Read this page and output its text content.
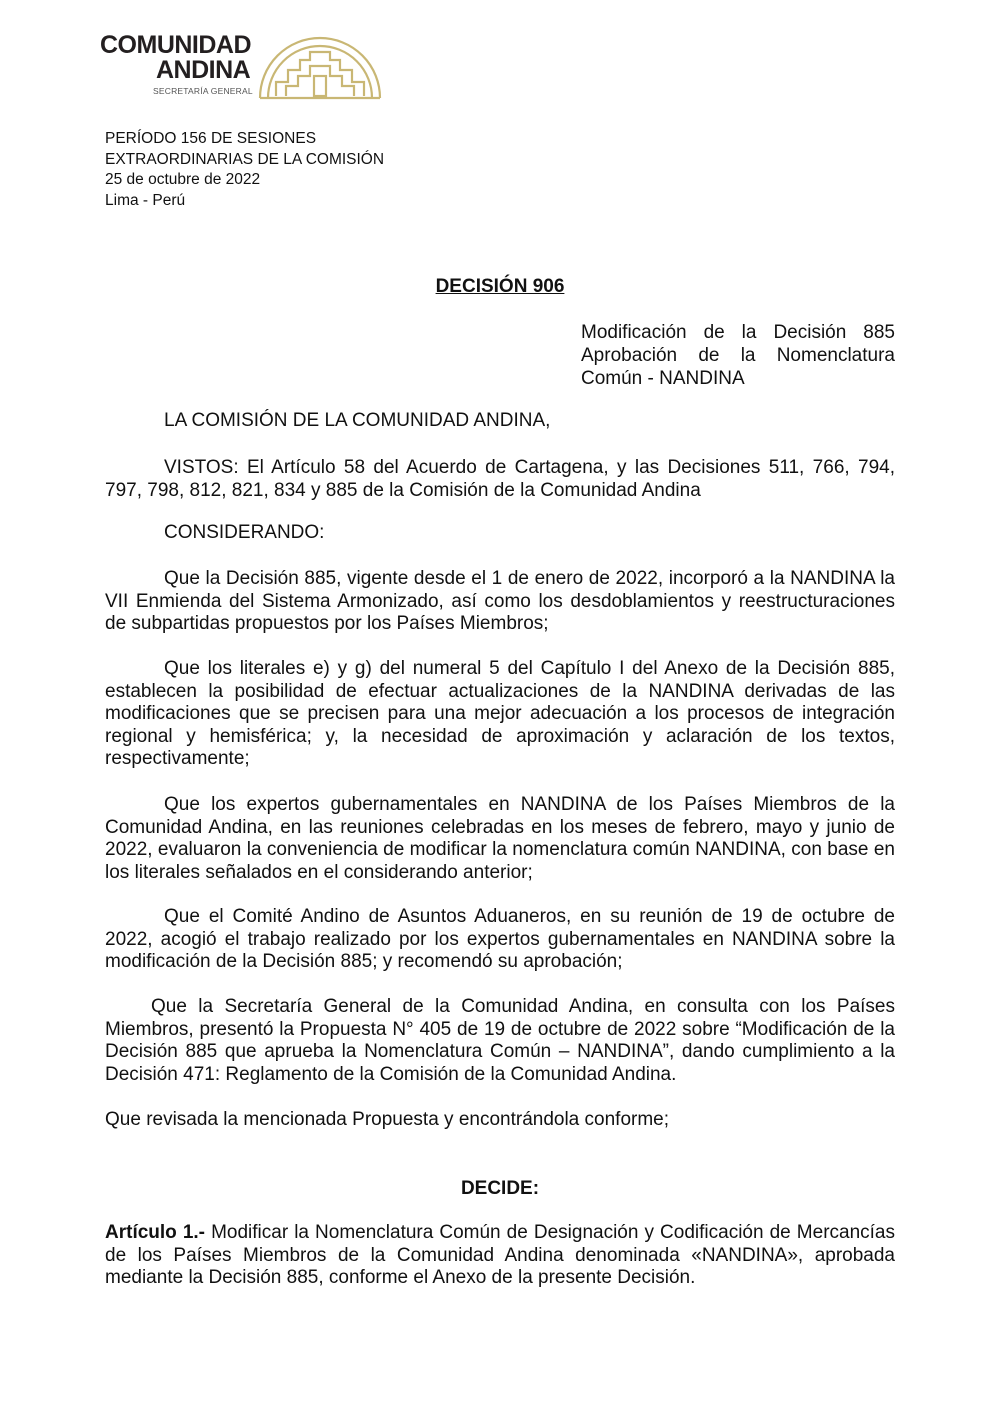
COMUNIDAD
ANDINA
SECRETARÍA GENERAL
PERÍODO 156 DE SESIONES
EXTRAORDINARIAS DE LA COMISIÓN
25 de octubre de 2022
Lima - Perú
DECISIÓN 906
Modificación de la Decisión 885 Aprobación de la Nomenclatura Común - NANDINA
LA COMISIÓN DE LA COMUNIDAD ANDINA,
VISTOS: El Artículo 58 del Acuerdo de Cartagena, y las Decisiones 511, 766, 794, 797, 798, 812, 821, 834 y 885 de la Comisión de la Comunidad Andina
CONSIDERANDO:
Que la Decisión 885, vigente desde el 1 de enero de 2022, incorporó a la NANDINA la VII Enmienda del Sistema Armonizado, así como los desdoblamientos y reestructuraciones de subpartidas propuestos por los Países Miembros;
Que los literales e) y g) del numeral 5 del Capítulo I del Anexo de la Decisión 885, establecen la posibilidad de efectuar actualizaciones de la NANDINA derivadas de las modificaciones que se precisen para una mejor adecuación a los procesos de integración regional y hemisférica; y, la necesidad de aproximación y aclaración de los textos, respectivamente;
Que los expertos gubernamentales en NANDINA de los Países Miembros de la Comunidad Andina, en las reuniones celebradas en los meses de febrero, mayo y junio de 2022, evaluaron la conveniencia de modificar la nomenclatura común NANDINA, con base en los literales señalados en el considerando anterior;
Que el Comité Andino de Asuntos Aduaneros, en su reunión de 19 de octubre de 2022, acogió el trabajo realizado por los expertos gubernamentales en NANDINA sobre la modificación de la Decisión 885; y recomendó su aprobación;
Que la Secretaría General de la Comunidad Andina, en consulta con los Países Miembros, presentó la Propuesta N° 405 de 19 de octubre de 2022 sobre “Modificación de la Decisión 885 que aprueba la Nomenclatura Común – NANDINA”, dando cumplimiento a la Decisión 471: Reglamento de la Comisión de la Comunidad Andina.
Que revisada la mencionada Propuesta y encontrándola conforme;
DECIDE:
Artículo 1.- Modificar la Nomenclatura Común de Designación y Codificación de Mercancías de los Países Miembros de la Comunidad Andina denominada «NANDINA», aprobada mediante la Decisión 885, conforme el Anexo de la presente Decisión.
